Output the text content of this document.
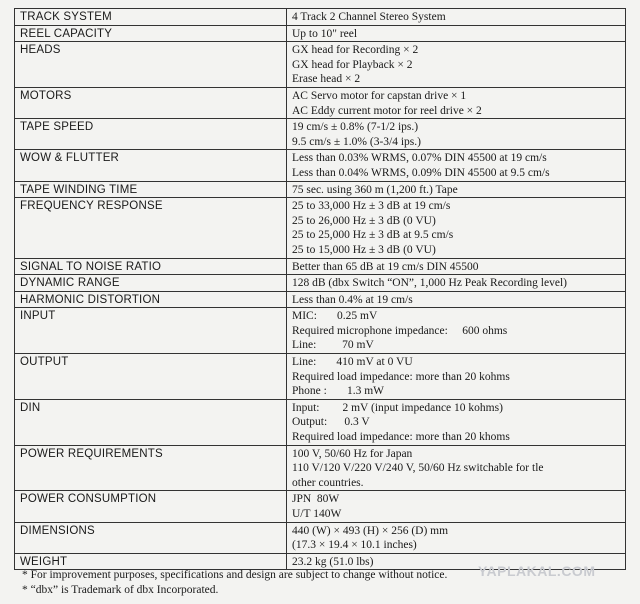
TRACK SYSTEM	4 Track 2 Channel Stereo System

REEL CAPACITY	Up to 10" reel

HEADS	GX head for Recording × 2
GX head for Playback × 2
Erase head × 2

MOTORS	AC Servo motor for capstan drive × 1
AC Eddy current motor for reel drive × 2

TAPE SPEED	19 cm/s ± 0.8% (7-1/2 ips.)
9.5 cm/s ± 1.0% (3-3/4 ips.)

WOW & FLUTTER	Less than 0.03% WRMS, 0.07% DIN 45500 at 19 cm/s
Less than 0.04% WRMS, 0.09% DIN 45500 at 9.5 cm/s

TAPE WINDING TIME	75 sec. using 360 m (1,200 ft.) Tape

FREQUENCY RESPONSE	25 to 33,000 Hz ± 3 dB at 19 cm/s
25 to 26,000 Hz ± 3 dB (0 VU)
25 to 25,000 Hz ± 3 dB at 9.5 cm/s
25 to 15,000 Hz ± 3 dB (0 VU)

SIGNAL TO NOISE RATIO	Better than 65 dB at 19 cm/s DIN 45500

DYNAMIC RANGE	128 dB (dbx Switch “ON”, 1,000 Hz Peak Recording level)

HARMONIC DISTORTION	Less than 0.4% at 19 cm/s

INPUT	MIC:       0.25 mV
Required microphone impedance:     600 ohms
Line:         70 mV

OUTPUT	Line:       410 mV at 0 VU
Required load impedance: more than 20 kohms
Phone :       1.3 mW

DIN	Input:        2 mV (input impedance 10 kohms)
Output:      0.3 V
Required load impedance: more than 20 khoms

POWER REQUIREMENTS	100 V, 50/60 Hz for Japan
110 V/120 V/220 V/240 V, 50/60 Hz switchable for tle
other countries.

POWER CONSUMPTION	JPN  80W
U/T 140W

DIMENSIONS	440 (W) × 493 (H) × 256 (D) mm
(17.3 × 19.4 × 10.1 inches)

WEIGHT	23.2 kg (51.0 lbs)
* For improvement purposes, specifications and design are subject to change without notice.
* “dbx” is Trademark of dbx Incorporated.
YAPLAKAL.COM
